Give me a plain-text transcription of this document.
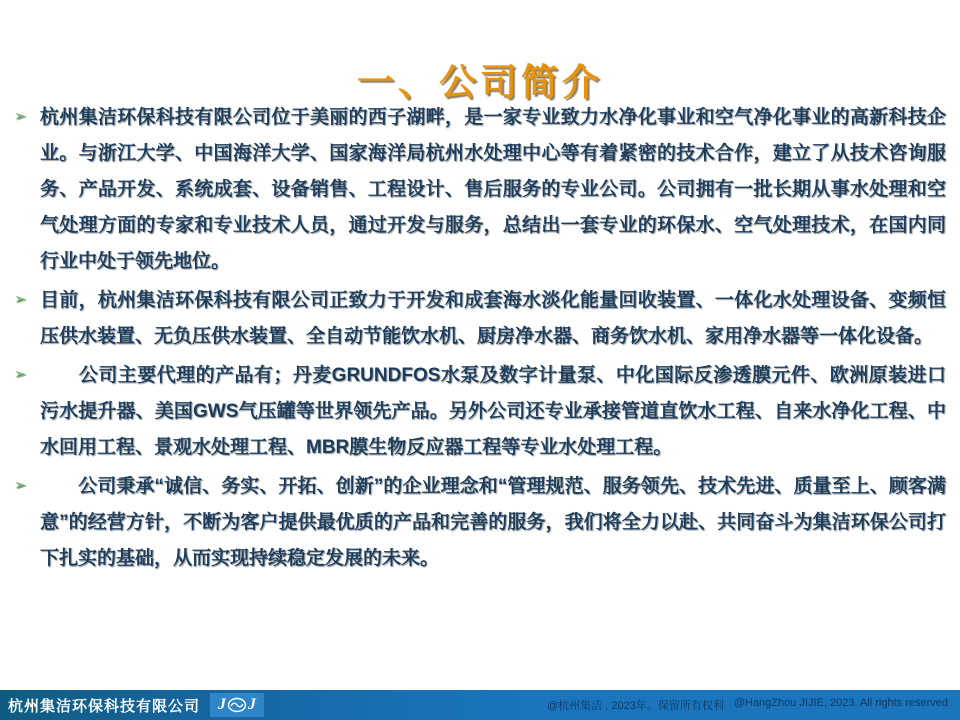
一、公司简介
➢ 杭州集洁环保科技有限公司位于美丽的西子湖畔，是一家专业致力水净化事业和空气净化事业的高新科技企业。与浙江大学、中国海洋大学、国家海洋局杭州水处理中心等有着紧密的技术合作，建立了从技术咨询服务、产品开发、系统成套、设备销售、工程设计、售后服务的专业公司。公司拥有一批长期从事水处理和空气处理方面的专家和专业技术人员，通过开发与服务，总结出一套专业的环保水、空气处理技术，在国内同行业中处于领先地位。

➢ 目前，杭州集洁环保科技有限公司正致力于开发和成套海水淡化能量回收装置、一体化水处理设备、变频恒压供水装置、无负压供水装置、全自动节能饮水机、厨房净水器、商务饮水机、家用净水器等一体化设备。

➢ 　　公司主要代理的产品有；丹麦GRUNDFOS水泵及数字计量泵、中化国际反渗透膜元件、欧洲原装进口污水提升器、美国GWS气压罐等世界领先产品。另外公司还专业承接管道直饮水工程、自来水净化工程、中水回用工程、景观水处理工程、MBR膜生物反应器工程等专业水处理工程。

➢ 　　公司秉承“诚信、务实、开拓、创新”的企业理念和“管理规范、服务领先、技术先进、质量至上、顾客满意”的经营方针，不断为客户提供最优质的产品和完善的服务，我们将全力以赴、共同奋斗为集洁环保公司打下扎实的基础，从而实现持续稳定发展的未来。

杭州集洁环保科技有限公司 J J	@杭州集洁 , 2023年。保留所有权利 @HangZhou JIJIE, 2023. All rights reserved
